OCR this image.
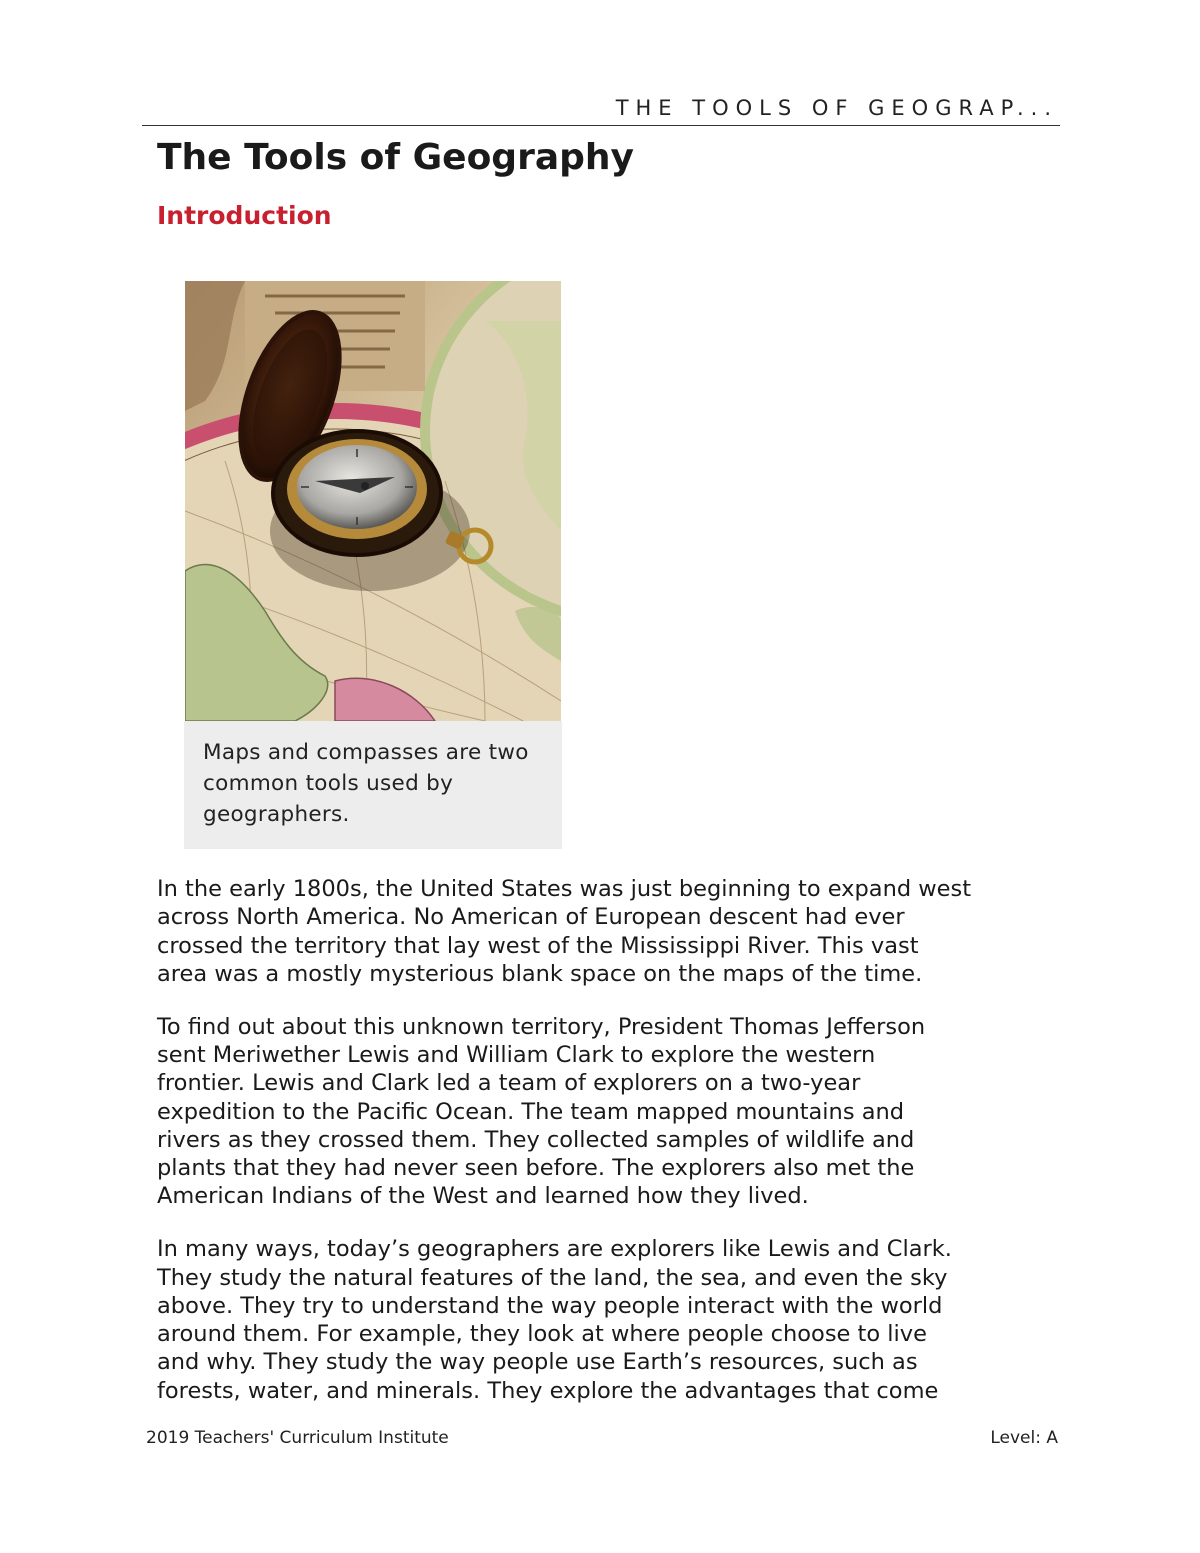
THE TOOLS OF GEOGRAP...
The Tools of Geography
Introduction
Maps and compasses are two common tools used by geographers.

In the early 1800s, the United States was just beginning to expand west
across North America. No American of European descent had ever
crossed the territory that lay west of the Mississippi River. This vast
area was a mostly mysterious blank space on the maps of the time.

To find out about this unknown territory, President Thomas Jefferson
sent Meriwether Lewis and William Clark to explore the western
frontier. Lewis and Clark led a team of explorers on a two-year
expedition to the Pacific Ocean. The team mapped mountains and
rivers as they crossed them. They collected samples of wildlife and
plants that they had never seen before. The explorers also met the
American Indians of the West and learned how they lived.

In many ways, today’s geographers are explorers like Lewis and Clark.
They study the natural features of the land, the sea, and even the sky
above. They try to understand the way people interact with the world
around them. For example, they look at where people choose to live
and why. They study the way people use Earth’s resources, such as
forests, water, and minerals. They explore the advantages that come

2019 Teachers' Curriculum Institute	Level: A
